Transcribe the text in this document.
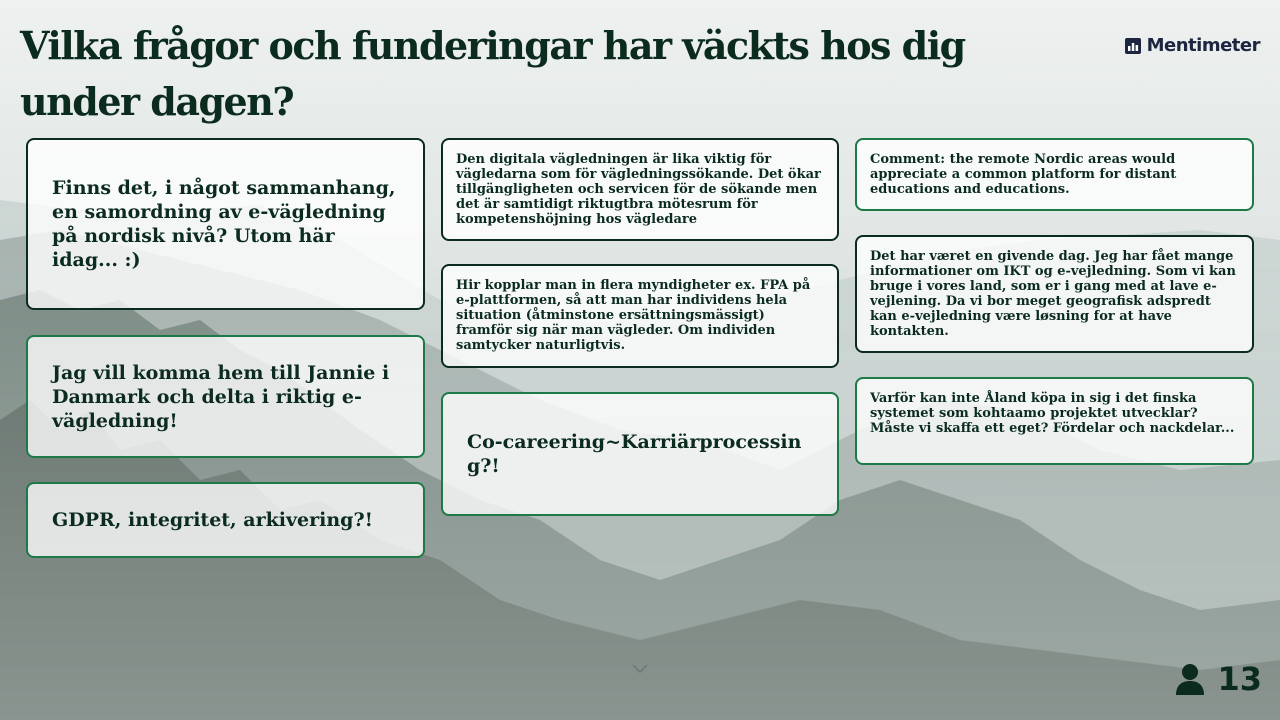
Vilka frågor och funderingar har väckts hos dig under dagen?
Mentimeter
Finns det, i något sammanhang, en samordning av e-vägledning på nordisk nivå? Utom här idag... :)
Jag vill komma hem till Jannie i Danmark och delta i riktig e-vägledning!
GDPR, integritet, arkivering?!
Den digitala vägledningen är lika viktig för vägledarna som för vägledningssökande. Det ökar tillgängligheten och servicen för de sökande men det är samtidigt riktugtbra mötesrum för kompetenshöjning hos vägledare
Hir kopplar man in flera myndigheter ex. FPA på e-plattformen, så att man har individens hela situation (åtminstone ersättningsmässigt) framför sig när man vägleder. Om individen samtycker naturligtvis.
Co-careering~Karriärprocessing?!
Comment: the remote Nordic areas would appreciate a common platform for distant educations and educations.
Det har været en givende dag. Jeg har fået mange informationer om IKT og e-vejledning. Som vi kan bruge i vores land, som er i gang med at lave e-vejlening. Da vi bor meget geografisk adspredt kan e-vejledning være løsning for at have kontakten.
Varför kan inte Åland köpa in sig i det finska systemet som kohtaamo projektet utvecklar? Måste vi skaffa ett eget? Fördelar och nackdelar...
13
